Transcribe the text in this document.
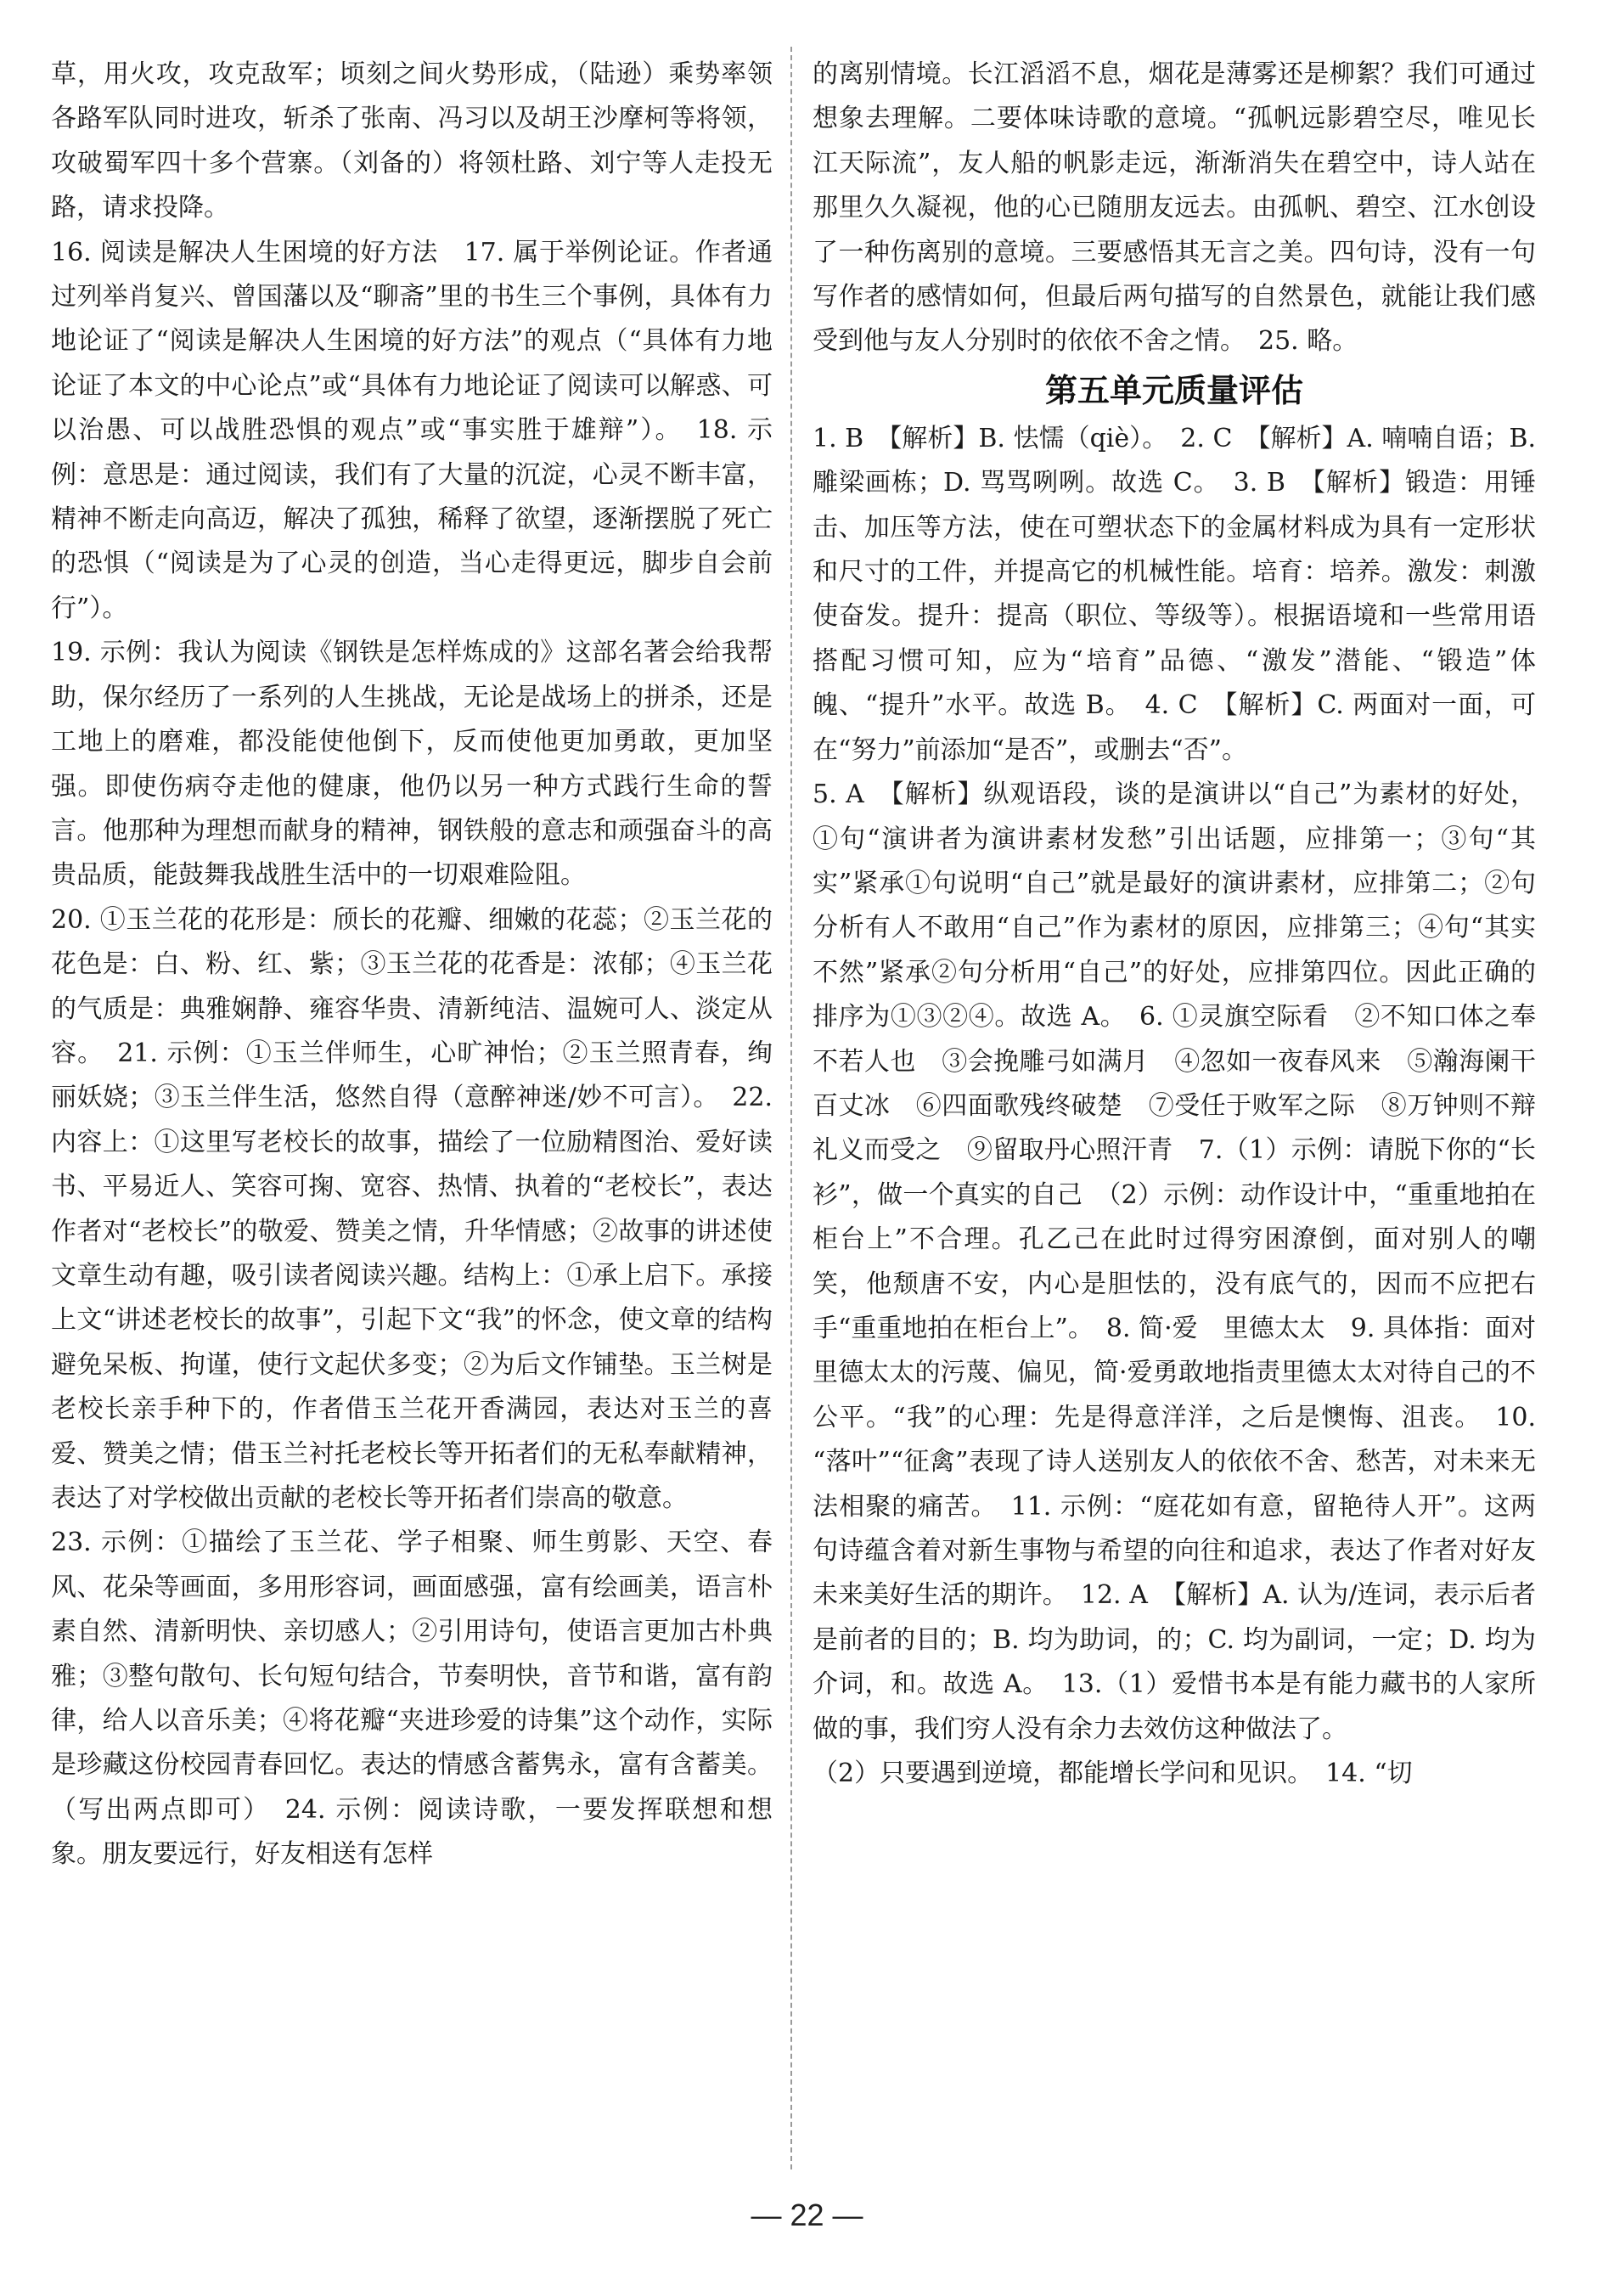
草，用火攻，攻克敌军；顷刻之间火势形成，（陆逊）乘势率领各路军队同时进攻，斩杀了张南、冯习以及胡王沙摩柯等将领，攻破蜀军四十多个营寨。（刘备的）将领杜路、刘宁等人走投无路，请求投降。

16. 阅读是解决人生困境的好方法　17. 属于举例论证。作者通过列举肖复兴、曾国藩以及“聊斋”里的书生三个事例，具体有力地论证了“阅读是解决人生困境的好方法”的观点（“具体有力地论证了本文的中心论点”或“具体有力地论证了阅读可以解惑、可以治愚、可以战胜恐惧的观点”或“事实胜于雄辩”）。　18. 示例：意思是：通过阅读，我们有了大量的沉淀，心灵不断丰富，精神不断走向高迈，解决了孤独，稀释了欲望，逐渐摆脱了死亡的恐惧（“阅读是为了心灵的创造，当心走得更远，脚步自会前行”）。

19. 示例：我认为阅读《钢铁是怎样炼成的》这部名著会给我帮助，保尔经历了一系列的人生挑战，无论是战场上的拼杀，还是工地上的磨难，都没能使他倒下，反而使他更加勇敢，更加坚强。即使伤病夺走他的健康，他仍以另一种方式践行生命的誓言。他那种为理想而献身的精神，钢铁般的意志和顽强奋斗的高贵品质，能鼓舞我战胜生活中的一切艰难险阻。

20. ①玉兰花的花形是：颀长的花瓣、细嫩的花蕊；②玉兰花的花色是：白、粉、红、紫；③玉兰花的花香是：浓郁；④玉兰花的气质是：典雅娴静、雍容华贵、清新纯洁、温婉可人、淡定从容。　21. 示例：①玉兰伴师生，心旷神怡；②玉兰照青春，绚丽妖娆；③玉兰伴生活，悠然自得（意醉神迷/妙不可言）。　22. 内容上：①这里写老校长的故事，描绘了一位励精图治、爱好读书、平易近人、笑容可掬、宽容、热情、执着的“老校长”，表达作者对“老校长”的敬爱、赞美之情，升华情感；②故事的讲述使文章生动有趣，吸引读者阅读兴趣。结构上：①承上启下。承接上文“讲述老校长的故事”，引起下文“我”的怀念，使文章的结构避免呆板、拘谨，使行文起伏多变；②为后文作铺垫。玉兰树是老校长亲手种下的，作者借玉兰花开香满园，表达对玉兰的喜爱、赞美之情；借玉兰衬托老校长等开拓者们的无私奉献精神，表达了对学校做出贡献的老校长等开拓者们崇高的敬意。

23. 示例：①描绘了玉兰花、学子相聚、师生剪影、天空、春风、花朵等画面，多用形容词，画面感强，富有绘画美，语言朴素自然、清新明快、亲切感人；②引用诗句，使语言更加古朴典雅；③整句散句、长句短句结合，节奏明快，音节和谐，富有韵律，给人以音乐美；④将花瓣“夹进珍爱的诗集”这个动作，实际是珍藏这份校园青春回忆。表达的情感含蓄隽永，富有含蓄美。（写出两点即可）　24. 示例：阅读诗歌，一要发挥联想和想象。朋友要远行，好友相送有怎样

的离别情境。长江滔滔不息，烟花是薄雾还是柳絮？我们可通过想象去理解。二要体味诗歌的意境。“孤帆远影碧空尽，唯见长江天际流”，友人船的帆影走远，渐渐消失在碧空中，诗人站在那里久久凝视，他的心已随朋友远去。由孤帆、碧空、江水创设了一种伤离别的意境。三要感悟其无言之美。四句诗，没有一句写作者的感情如何，但最后两句描写的自然景色，就能让我们感受到他与友人分别时的依依不舍之情。　25. 略。

第五单元质量评估

1. B　【解析】B. 怯懦（qiè）。　2. C　【解析】A. 喃喃自语；B. 雕梁画栋；D. 骂骂咧咧。故选 C。　3. B　【解析】锻造：用锤击、加压等方法，使在可塑状态下的金属材料成为具有一定形状和尺寸的工件，并提高它的机械性能。培育：培养。激发：刺激使奋发。提升：提高（职位、等级等）。根据语境和一些常用语搭配习惯可知，应为“培育”品德、“激发”潜能、“锻造”体魄、“提升”水平。故选 B。　4. C　【解析】C. 两面对一面，可在“努力”前添加“是否”，或删去“否”。

5. A　【解析】纵观语段，谈的是演讲以“自己”为素材的好处，①句“演讲者为演讲素材发愁”引出话题，应排第一；③句“其实”紧承①句说明“自己”就是最好的演讲素材，应排第二；②句分析有人不敢用“自己”作为素材的原因，应排第三；④句“其实不然”紧承②句分析用“自己”的好处，应排第四位。因此正确的排序为①③②④。故选 A。　6. ①灵旗空际看　②不知口体之奉不若人也　③会挽雕弓如满月　④忽如一夜春风来　⑤瀚海阑干百丈冰　⑥四面歌残终破楚　⑦受任于败军之际　⑧万钟则不辩礼义而受之　⑨留取丹心照汗青　7.（1）示例：请脱下你的“长衫”，做一个真实的自己　（2）示例：动作设计中，“重重地拍在柜台上”不合理。孔乙己在此时过得穷困潦倒，面对别人的嘲笑，他颓唐不安，内心是胆怯的，没有底气的，因而不应把右手“重重地拍在柜台上”。　8. 简·爱　里德太太　9. 具体指：面对里德太太的污蔑、偏见，简·爱勇敢地指责里德太太对待自己的不公平。“我”的心理：先是得意洋洋，之后是懊悔、沮丧。　10. “落叶”“征禽”表现了诗人送别友人的依依不舍、愁苦，对未来无法相聚的痛苦。　11. 示例：“庭花如有意，留艳待人开”。这两句诗蕴含着对新生事物与希望的向往和追求，表达了作者对好友未来美好生活的期许。　12. A　【解析】A. 认为/连词，表示后者是前者的目的；B. 均为助词，的；C. 均为副词，一定；D. 均为介词，和。故选 A。　13.（1）爱惜书本是有能力藏书的人家所做的事，我们穷人没有余力去效仿这种做法了。

（2）只要遇到逆境，都能增长学问和见识。　14. “切

— 22 —
